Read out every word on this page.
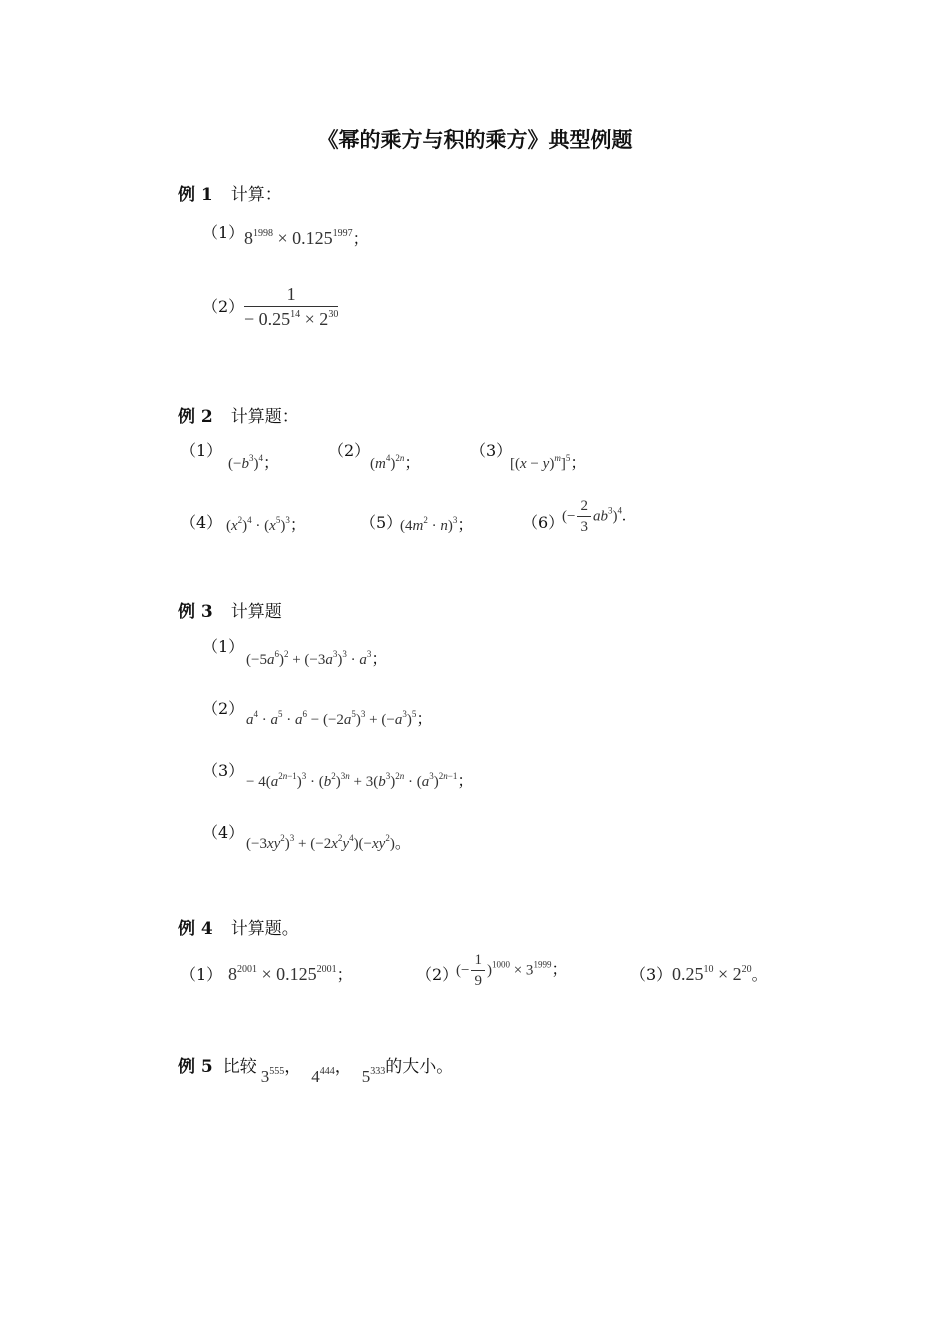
《幂的乘方与积的乘方》典型例题
例 1 计算：
（1） $8^{1998} \times 0.125^{1997}$；
$(2) \frac{1}{- 0.25^{14} \times 2^{30}}$
例 2 计算题：
（1）
$(-b^3)^4$；
（2）
$(m^4)^{2n}$；
（3）
$[(x - y)^m]^5$；
（4） $(x^2)^4 \cdot (x^5)^3$；	（5）
$(4m^2 \cdot n)^3$；	（6）
(− $\frac{2}{3} ab^3)^4$.
例 3 计算题
（1）
$(-5a^6)^2 + (-3a^3)^3 \cdot a^3$；
（2）
$a^4 \cdot a^5 \cdot a^6 - (-2a^5)^3 + (-a^3)^5$；
（3）
− $4(a^{2n-1})^3 \cdot (b^2)^{3n} + 3(b^3)^{2n} \cdot (a^3)^{2n-1}$；
（4）
$(-3xy^2)^3 + (-2x^2y^4)(-xy^2)$。
例 4 计算题。
（1） $8^{2001} \times 0.125^{2001}$；	（2）
(− $\frac{1}{9} )^{1000} \times 3^{1999}$；	（3） $0.25^{10} \times 2^{20}$。
例 5 比较 $3^{555}$， $4^{444}$， $5^{333}$的大小。
